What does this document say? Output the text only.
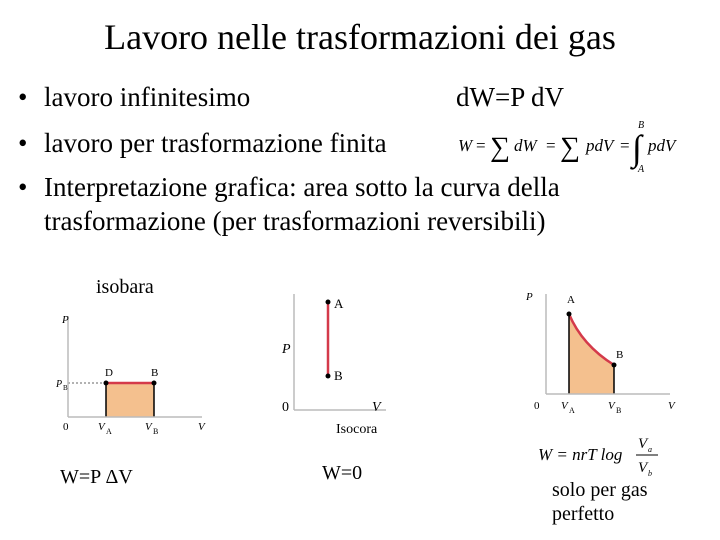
Lavoro nelle trasformazioni dei gas
• lavoro infinitesimo	dW=P dV
• lavoro per trasformazione finita	W = ∑ dW = ∑ pdV = ∫
B
A
pdV
• Interpretazione grafica: area sotto la curva della
trasformazione (per trasformazioni reversibili)
isobara
P
D	B
P B
0	V A	V B	V
W=P ΔV
A
B
P
0	V
Isocora
W=0
P	A
B
0 V A	V B	V
W = nrT log
V a
V b
solo per gas
perfetto
